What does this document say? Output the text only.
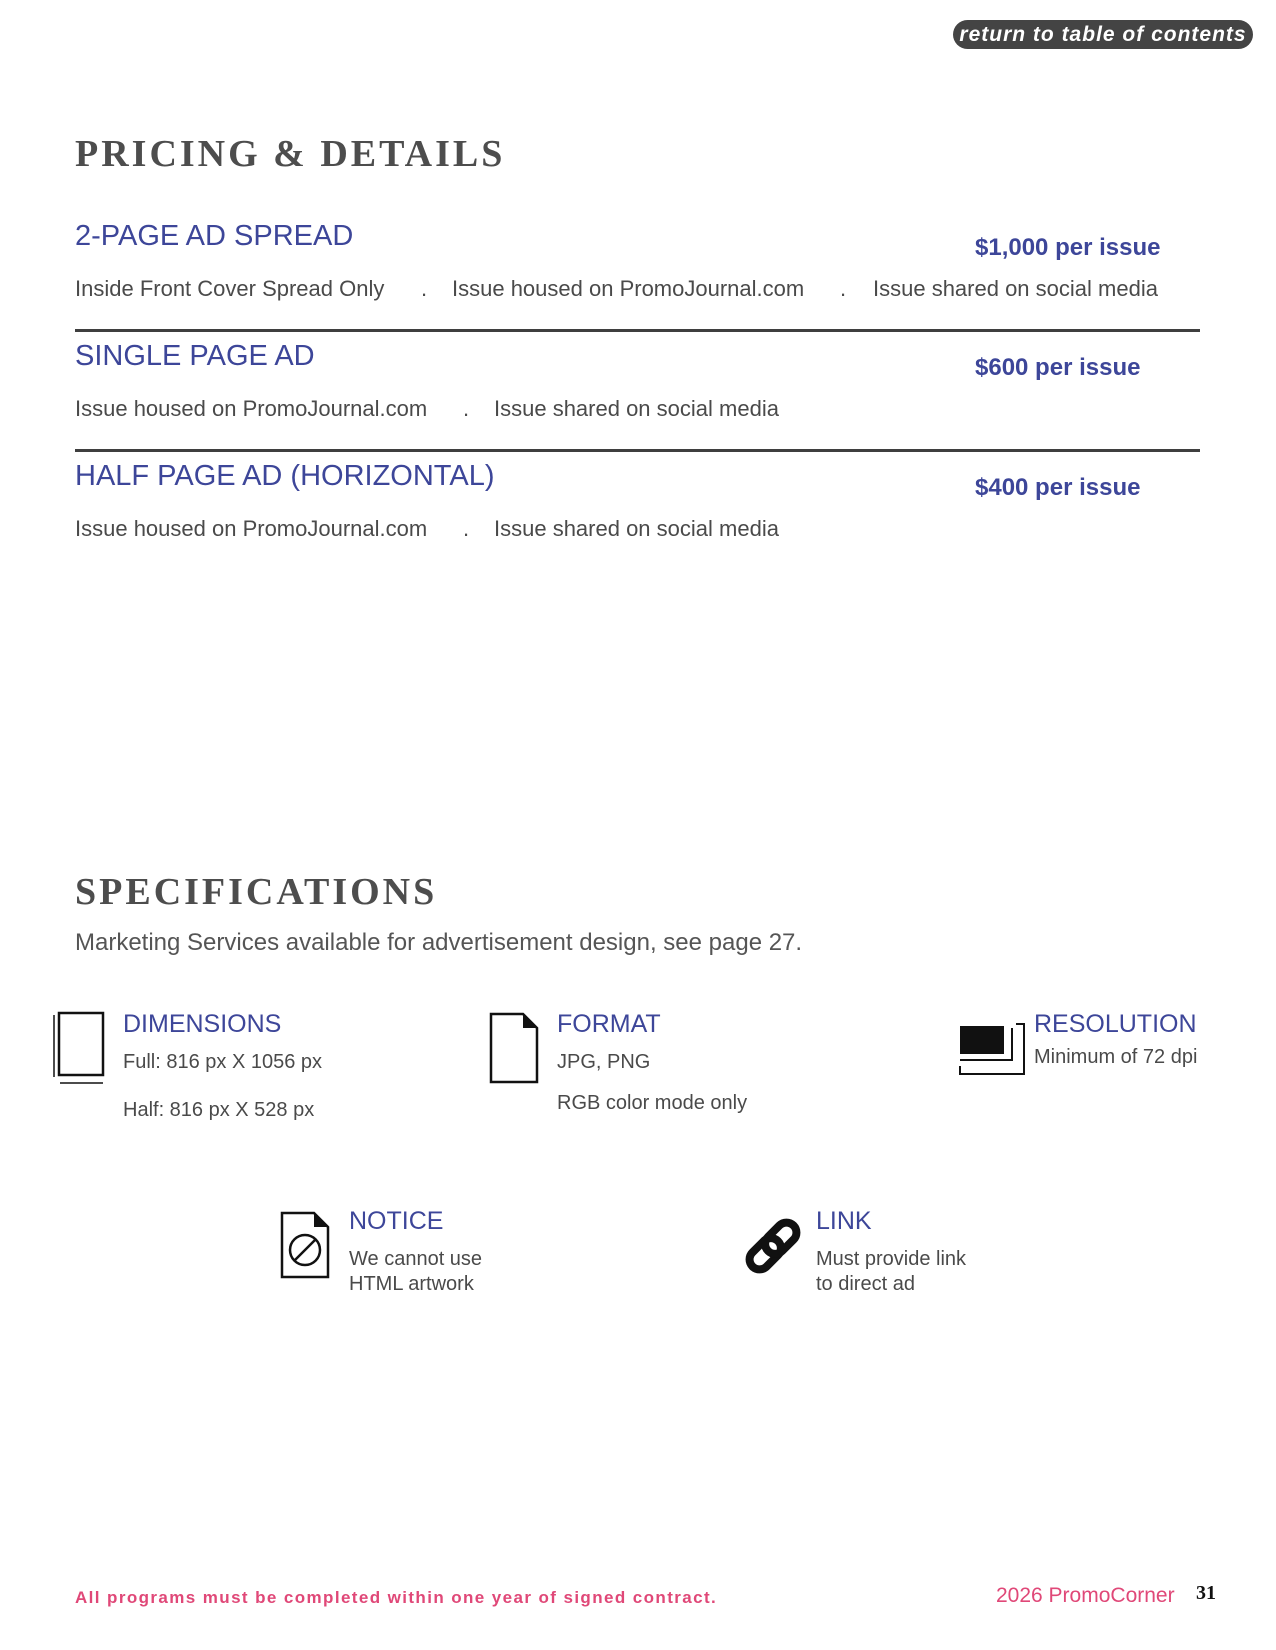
return to table of contents
PRICING & DETAILS
2-PAGE AD SPREAD	$1,000 per issue
Inside Front Cover Spread Only . Issue housed on PromoJournal.com . Issue shared on social media
SINGLE PAGE AD	$600 per issue
Issue housed on PromoJournal.com . Issue shared on social media
HALF PAGE AD (HORIZONTAL)	$400 per issue
Issue housed on PromoJournal.com . Issue shared on social media
SPECIFICATIONS
Marketing Services available for advertisement design, see page 27.
DIMENSIONS
Full: 816 px X 1056 px
Half: 816 px X 528 px
FORMAT
JPG, PNG
RGB color mode only
RESOLUTION
Minimum of 72 dpi
NOTICE
We cannot use
HTML artwork
LINK
Must provide link
to direct ad
All programs must be completed within one year of signed contract.	2026 PromoCorner 31
